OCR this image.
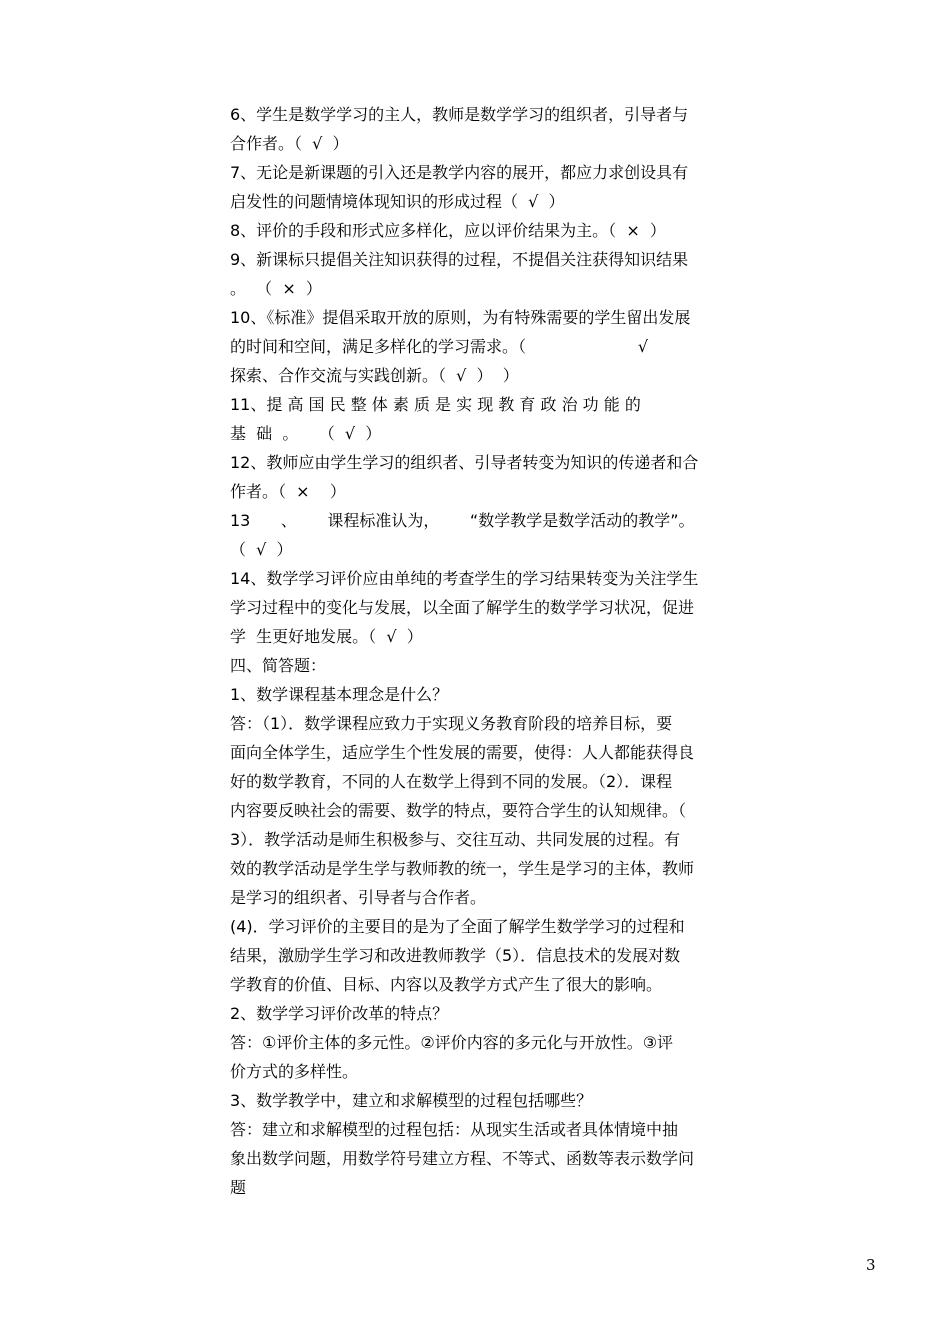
6、学生是数学学习的主人，教师是数学学习的组织者，引导者与
合作者。（  √  ）
7、无论是新课题的引入还是教学内容的展开，都应力求创设具有
启发性的问题情境体现知识的形成过程（  √  ）
8、评价的手段和形式应多样化，应以评价结果为主。（  ×  ）
9、新课标只提倡关注知识获得的过程，不提倡关注获得知识结果
。  （  ×  ）
10、《标准》提倡采取开放的原则，为有特殊需要的学生留出发展
的时间和空间，满足多样化的学习需求。（                      √
探索、合作交流与实践创新。（  √  ）  ）
11、提 高 国 民 整 体 素 质 是 实 现 教 育 政 治 功 能 的
基  础  。    （  √  ）
12、教师应由学生学习的组织者、引导者转变为知识的传递者和合
作者。（  ×    ）
13      、      课程标准认为，      “数学教学是数学活动的教学”。
（  √  ）
14、数学学习评价应由单纯的考查学生的学习结果转变为关注学生
学习过程中的变化与发展，以全面了解学生的数学学习状况，促进
学  生更好地发展。（  √  ）
四、简答题：
1、数学课程基本理念是什么？
答：（1）．数学课程应致力于实现义务教育阶段的培养目标，要
面向全体学生，适应学生个性发展的需要，使得：人人都能获得良
好的数学教育，不同的人在数学上得到不同的发展。（2）．课程
内容要反映社会的需要、数学的特点，要符合学生的认知规律。（
3）．教学活动是师生积极参与、交往互动、共同发展的过程。有
效的教学活动是学生学与教师教的统一，学生是学习的主体，教师
是学习的组织者、引导者与合作者。
(4)．学习评价的主要目的是为了全面了解学生数学学习的过程和
结果，激励学生学习和改进教师教学（5）．信息技术的发展对数
学教育的价值、目标、内容以及教学方式产生了很大的影响。
2、数学学习评价改革的特点？
答：①评价主体的多元性。②评价内容的多元化与开放性。③评
价方式的多样性。
3、数学教学中，建立和求解模型的过程包括哪些？
答：建立和求解模型的过程包括：从现实生活或者具体情境中抽
象出数学问题，用数学符号建立方程、不等式、函数等表示数学问
题
3
